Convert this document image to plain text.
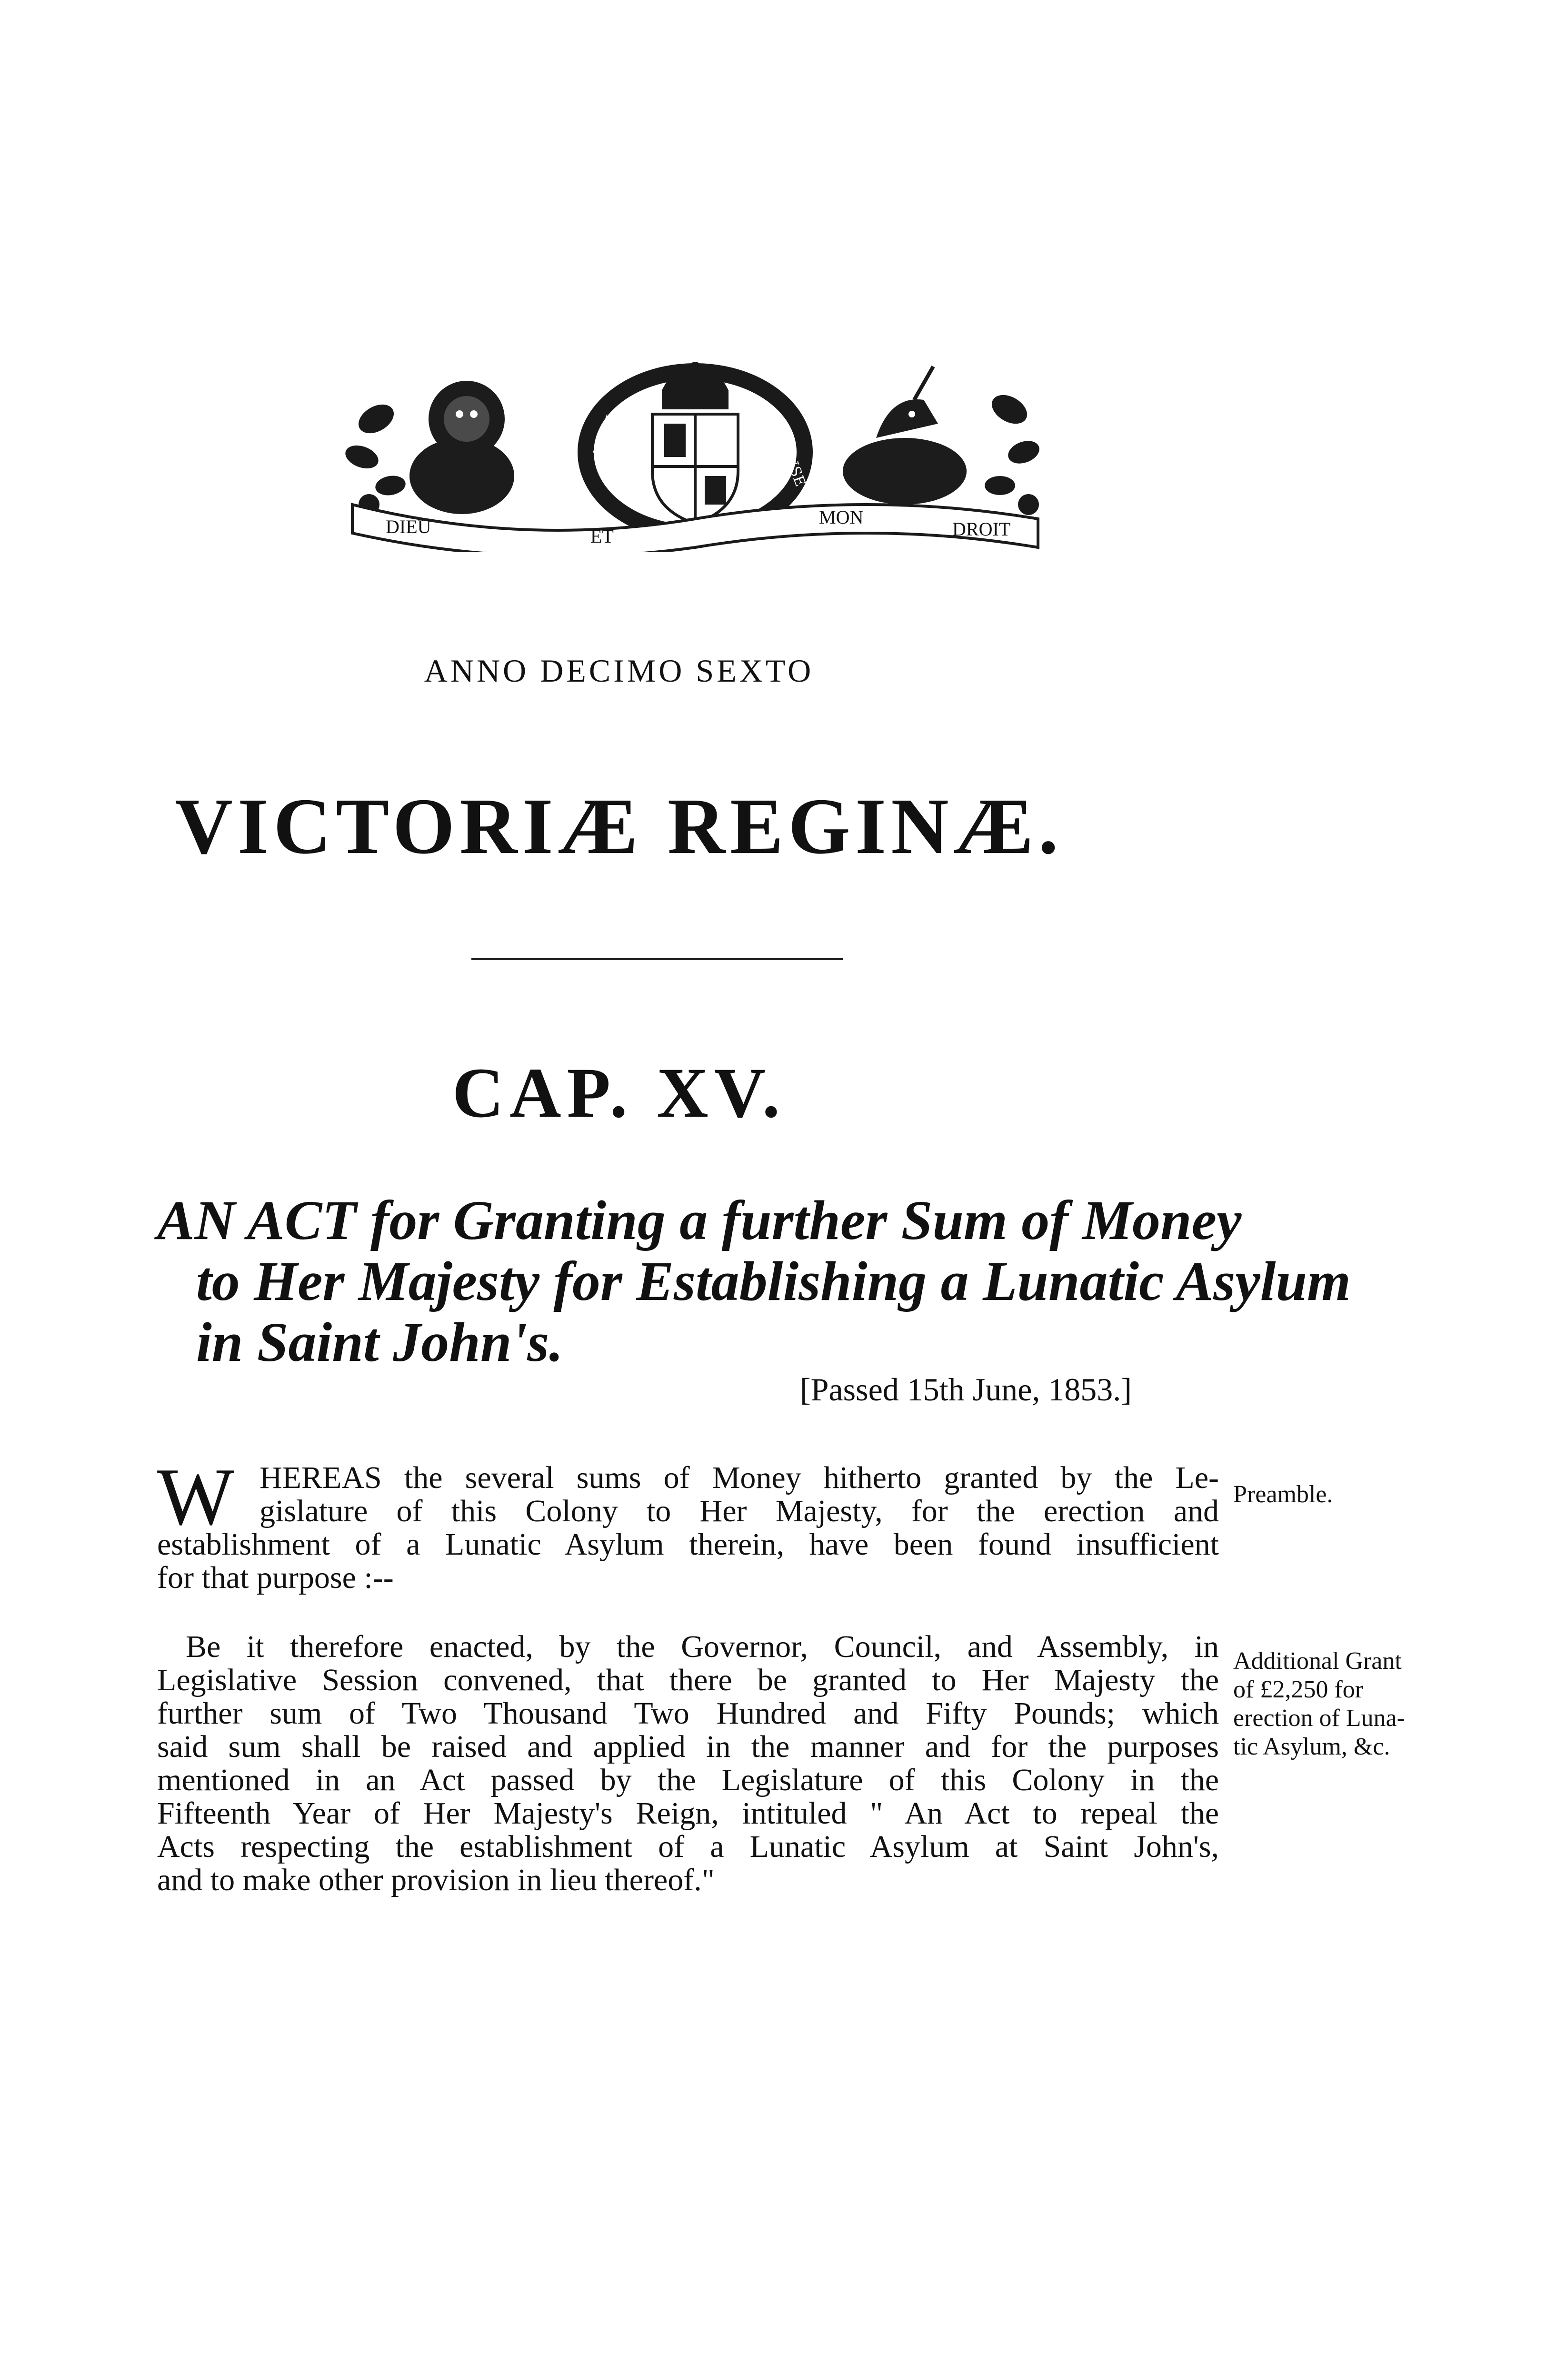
HONI	PENSE
DIEU	ET
MON
DROIT
ANNO DECIMO SEXTO
VICTORIÆ REGINÆ.
CAP. XV.
AN ACT for Granting a further Sum of Money
to Her Majesty for Establishing a Lunatic Asylum
in Saint John's.
[Passed 15th June, 1853.]
W HEREAS the several sums of Money hitherto granted by the Le-
gislature of this Colony to Her Majesty, for the erection and
establishment of a Lunatic Asylum therein, have been found insufficient
for that purpose :--
Preamble.
Be it therefore enacted, by the Governor, Council, and Assembly, in
Legislative Session convened, that there be granted to Her Majesty the
further sum of Two Thousand Two Hundred and Fifty Pounds; which
said sum shall be raised and applied in the manner and for the purposes
mentioned in an Act passed by the Legislature of this Colony in the
Fifteenth Year of Her Majesty's Reign, intituled " An Act to repeal the
Acts respecting the establishment of a Lunatic Asylum at Saint John's,
and to make other provision in lieu thereof."
Additional Grant
of £2,250 for
erection of Luna-
tic Asylum, &c.
